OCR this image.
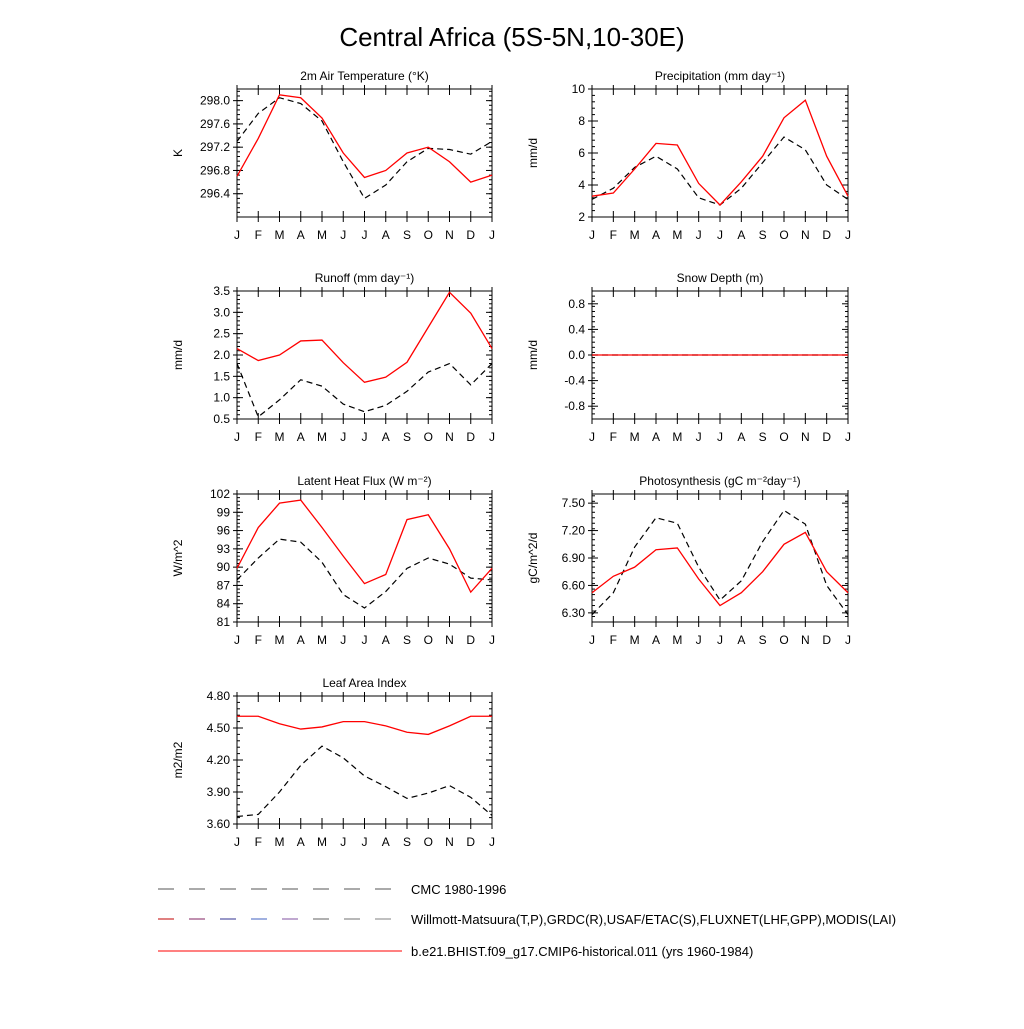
Central Africa (5S-5N,10-30E)
2m Air Temperature (°K)
K
296.4
296.8
297.2
297.6
298.0
J F M A M J J A S O N D J
Precipitation (mm day⁻¹)
mm/d
2
4
6
8
10
J F M A M J J A S O N D J
Runoff (mm day⁻¹)
mm/d
0.5
1.0
1.5
2.0
2.5
3.0
3.5
J F M A M J J A S O N D J
Snow Depth (m)
mm/d
-0.8
-0.4
0.0
0.4
0.8
J F M A M J J A S O N D J
Latent Heat Flux (W m⁻²)
W/m^2
81
84
87
90
93
96
99
102
J F M A M J J A S O N D J
Photosynthesis (gC m⁻²day⁻¹)
gC/m^2/d
6.30
6.60
6.90
7.20
7.50
J F M A M J J A S O N D J
Leaf Area Index
m2/m2
3.60
3.90
4.20
4.50
4.80
J F M A M J J A S O N D J
CMC 1980-1996
Willmott-Matsuura(T,P),GRDC(R),USAF/ETAC(S),FLUXNET(LHF,GPP),MODIS(LAI)
b.e21.BHIST.f09_g17.CMIP6-historical.011 (yrs 1960-1984)
